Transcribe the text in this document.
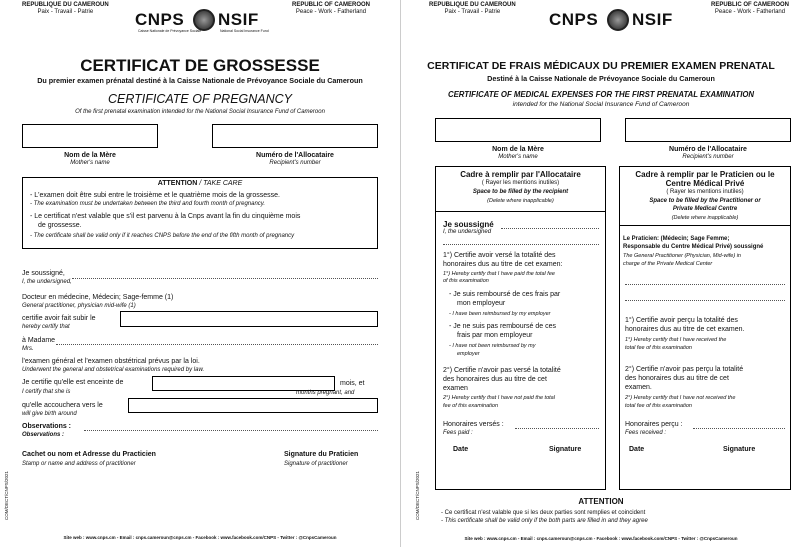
REPUBLIQUE DU CAMEROUN
Paix - Travail - Patrie
REPUBLIC OF CAMEROON
Peace - Work - Fatherland
CNPS NSIF
Caisse Nationale de Prévoyance Sociale	National Social Insurance Fund
CERTIFICAT DE GROSSESSE
Du premier examen prénatal destiné à la Caisse Nationale de Prévoyance Sociale du Cameroun
CERTIFICATE OF PREGNANCY
Of the first prenatal examination intended for the National Social Insurance Fund of Cameroon
Nom de la Mère
Mother's name
Numéro de l'Allocataire
Recipient's number
ATTENTION / TAKE CARE
- L'examen doit être subi entre le troisième et le quatrième mois de la grossesse.
- The examination must be undertaken between the third and fourth month of pregnancy.
- Le certificat n'est valable que s'il est parvenu à la Cnps avant la fin du cinquième mois
de grossesse.
- The certificate shall be valid only if it reaches CNPS before the end of the fifth month of pregnancy
Je soussigné,
I, the undersigned,
Docteur en médecine, Médecin; Sage-femme (1)
General practitioner, physician mid-wife (1)
certifie avoir fait subir le
hereby certify that
à Madame
Mrs.
l'examen général et l'examen obstétrical prévus par la loi.
Underwent the general and obstetrical examinations required by law.
Je certifie qu'elle est enceinte de
I certify that she is
mois, et
months pregnant, and
qu'elle accouchera vers le
will give birth around
Observations :
Observations :
Cachet ou nom et Adresse du Practicien
Stamp or name and address of practitioner
Signature du Praticien
Signature of practitioner
COM/DECT/CNPS/2021
Site web : www.cnps.cm - Email : cnps.cameroun@cnps.cm - Facebook : www.facebook.com/CNPS - Twitter : @CnpsCameroun
REPUBLIQUE DU CAMEROUN
Paix - Travail - Patrie
REPUBLIC OF CAMEROON
Peace - Work - Fatherland
CNPS NSIF
CERTIFICAT DE FRAIS MÉDICAUX DU PREMIER EXAMEN PRENATAL
Destiné à la Caisse Nationale de Prévoyance Sociale du Cameroun
CERTIFICATE OF MEDICAL EXPENSES FOR THE FIRST PRENATAL EXAMINATION
intended for the National Social Insurance Fund of Cameroon
Nom de la Mère
Mother's name
Numéro de l'Allocataire
Recipient's number
Cadre à remplir par l'Allocataire
( Rayer les mentions inutiles)
Space to be filled by the recipient
(Delete where inapplicable)
Je soussigné
I, the undersigned
1°) Certifie avoir versé la totalité des
honoraires dus au titre de cet examen:
1°) Hereby certify that I have paid the total fee
of this examination
- Je suis remboursé de ces frais par
mon employeur
- I have been reimbursed by my employer
- Je ne suis pas remboursé de ces
frais par mon employeur
- I have not been reimbursed by my
employer
2°) Certifie n'avoir pas versé la totalité
des honoraires dus au titre de cet
examen
2°) Hereby certify that I have not paid the total
fee of this examination
Honoraires versés :
Fees paid :
Date	Signature
Cadre à remplir par le Praticien ou le
Centre Médical Privé
( Rayer les mentions inutiles)
Space to be filled by the Practitioner or
Private Medical Centre
(Delete where inapplicable)
Le Praticien: (Médecin; Sage Femme;
Responsable du Centre Médical Privé) soussigné
The General Practitioner (Physician, Mid-wife) in
charge of the Private Medical Center
1°) Certifie avoir perçu la totalité des
honoraires dus au titre de cet examen.
1°) Hereby certify that I have received the
total fee of this examination
2°) Certifie n'avoir pas perçu la totalité
des honoraires dus au titre de cet
examen.
2°) Hereby certify that I have not received the
total fee of this examination
Honoraires perçu :
Fees received :
Date	Signature
ATTENTION
- Ce certificat n'est valable que si les deux parties sont remplies et coincident
- This certificate shall be valid only if the both parts are filled in and they agree
COM/DECT/CNPS/2021
Site web : www.cnps.cm - Email : cnps.cameroun@cnps.cm - Facebook : www.facebook.com/CNPS - Twitter : @CnpsCameroun
